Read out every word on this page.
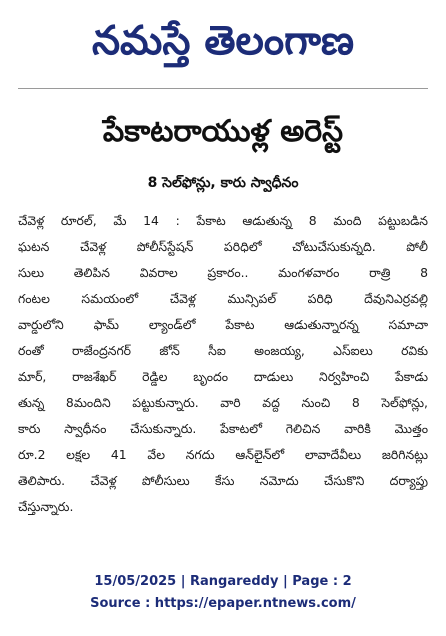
నమస్తే తెలంగాణ
పేకాటరాయుళ్ల అరెస్ట్
8 సెల్‌ఫోన్లు, కారు స్వాధీనం
చేవెళ్ల రూరల్, మే 14 : పేకాట ఆడుతున్న 8 మంది పట్టుబడిన
ఘటన చేవెళ్ల పోలీస్‌స్టేషన్ పరిధిలో చోటుచేసుకున్నది. పోలీ
సులు తెలిపిన వివరాల ప్రకారం.. మంగళవారం రాత్రి 8
గంటల సమయంలో చేవెళ్ల మున్సిపల్ పరిధి దేవునిఎర్రవల్లి
వార్డులోని ఫామ్ ల్యాండ్‌లో పేకాట ఆడుతున్నారన్న సమాచా
రంతో రాజేంద్రనగర్ జోన్ సీఐ అంజయ్య, ఎస్‌ఐలు రవికు
మార్, రాజశేఖర్ రెడ్డిల బృందం దాడులు నిర్వహించి పేకాడు
తున్న 8మందిని పట్టుకున్నారు. వారి వద్ద నుంచి 8 సెల్‌ఫోన్లు,
కారు స్వాధీనం చేసుకున్నారు. పేకాటలో గెలిచిన వారికి మొత్తం
రూ.2 లక్షల 41 వేల నగదు ఆన్‌లైన్‌లో లావాదేవీలు జరిగినట్లు
తెలిపారు. చేవెళ్ల పోలీసులు కేసు నమోదు చేసుకొని దర్యాప్తు
చేస్తున్నారు.
15/05/2025 | Rangareddy | Page : 2
Source : https://epaper.ntnews.com/
